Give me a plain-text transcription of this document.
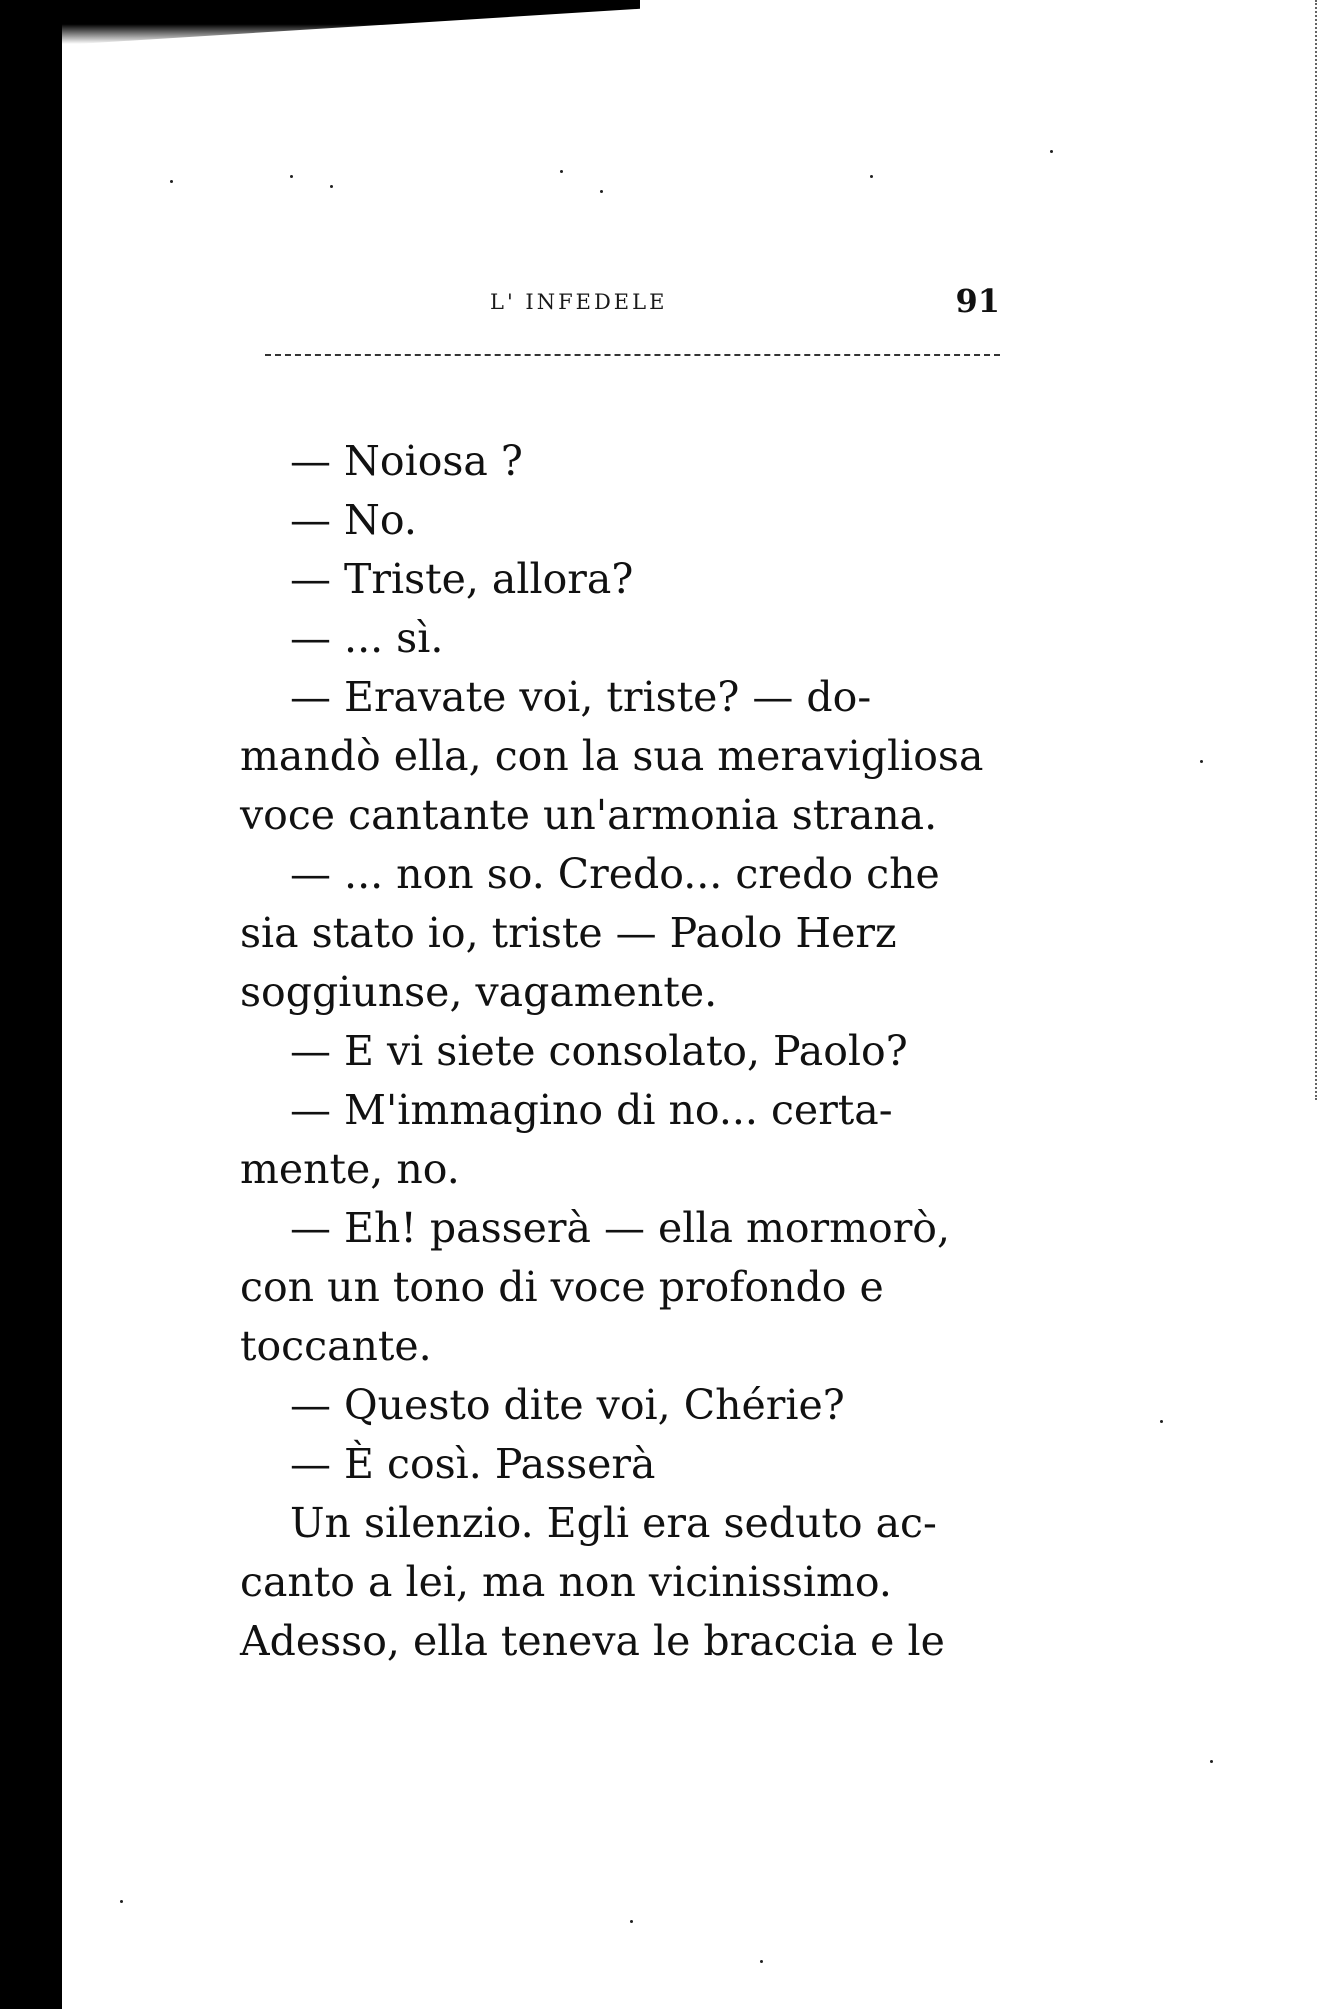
L' INFEDELE	91
— Noiosa ?
— No.
— Triste, allora?
— ... sì.
— Eravate voi, triste? — do-
mandò ella, con la sua meravigliosa
voce cantante un'armonia strana.
— ... non so. Credo... credo che
sia stato io, triste — Paolo Herz
soggiunse, vagamente.
— E vi siete consolato, Paolo?
— M'immagino di no... certa-
mente, no.
— Eh! passerà — ella mormorò,
con un tono di voce profondo e
toccante.
— Questo dite voi, Chérie?
— È così. Passerà
Un silenzio. Egli era seduto ac-
canto a lei, ma non vicinissimo.
Adesso, ella teneva le braccia e le
